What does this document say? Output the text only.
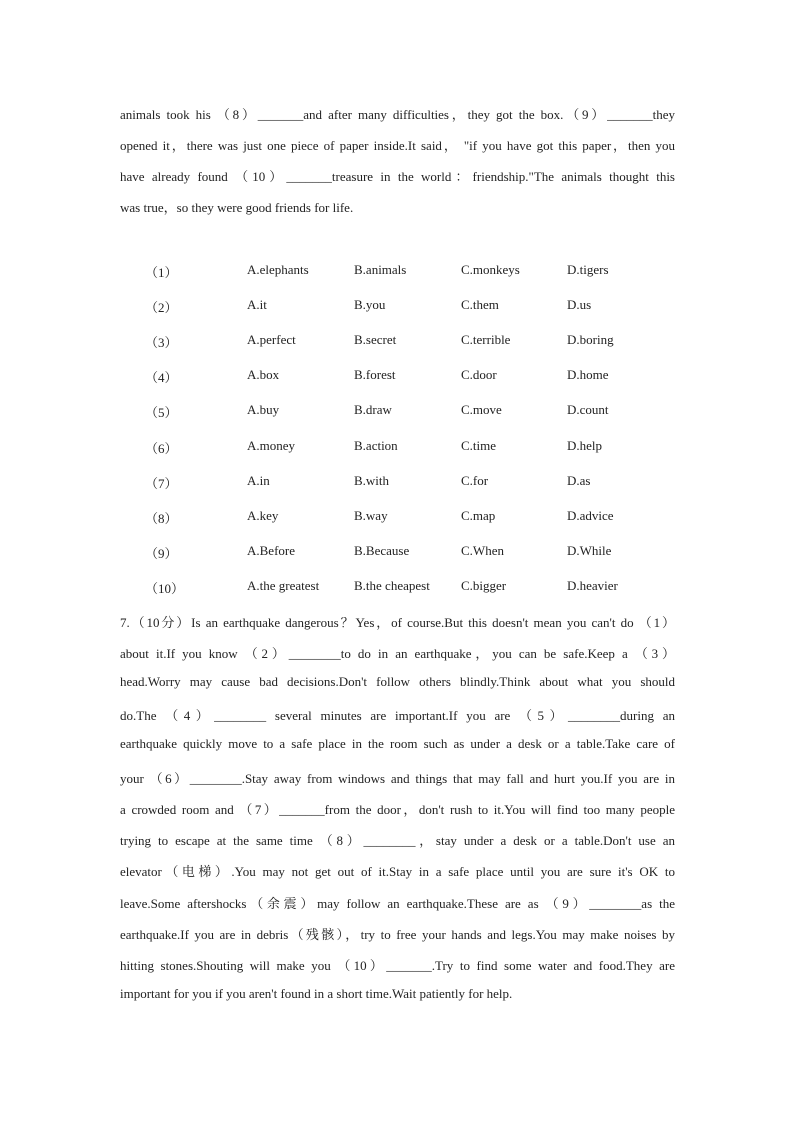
animals took his （8）_______and after many difficulties，they got the box.（9）_______they
opened it，there was just one piece of paper inside.It said， "if you have got this paper，then you
have already found （10）_______treasure in the world：friendship."The animals thought this
was true，so they were good friends for life.
（1）	A.elephants	B.animals	C.monkeys	D.tigers
（2）	A.it	B.you	C.them	D.us
（3）	A.perfect	B.secret	C.terrible	D.boring
（4）	A.box	B.forest	C.door	D.home
（5）	A.buy	B.draw	C.move	D.count
（6）	A.money	B.action	C.time	D.help
（7）	A.in	B.with	C.for	D.as
（8）	A.key	B.way	C.map	D.advice
（9）	A.Before	B.Because	C.When	D.While
（10）	A.the greatest	B.the cheapest C.bigger	D.heavier
7.（10分）Is an earthquake dangerous？Yes，of course.But this doesn't mean you can't do （1）
about it.If you know （2）________to do in an earthquake，you can be safe.Keep a （3）
head.Worry may cause bad decisions.Don't follow others blindly.Think about what you should
do.The （4）________ several minutes are important.If you are （5）________during an
earthquake quickly move to a safe place in the room such as under a desk or a table.Take care of
your （6）________.Stay away from windows and things that may fall and hurt you.If you are in
a crowded room and （7）_______from the door，don't rush to it.You will find too many people
trying to escape at the same time （8）________，stay under a desk or a table.Don't use an
elevator（电梯）.You may not get out of it.Stay in a safe place until you are sure it's OK to
leave.Some aftershocks（余震）may follow an earthquake.These are as （9）________as the
earthquake.If you are in debris（残骸），try to free your hands and legs.You may make noises by
hitting stones.Shouting will make you （10）_______.Try to find some water and food.They are
important for you if you aren't found in a short time.Wait patiently for help.
